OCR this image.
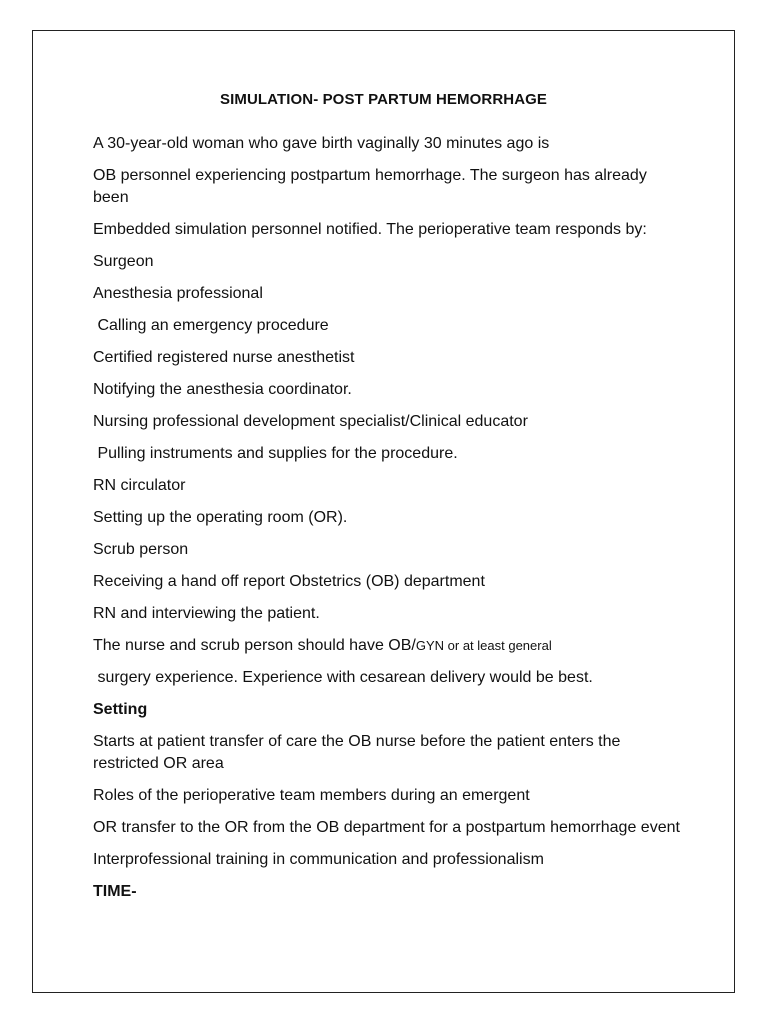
SIMULATION- POST PARTUM HEMORRHAGE

A 30-year-old woman who gave birth vaginally 30 minutes ago is

OB personnel experiencing postpartum hemorrhage. The surgeon has already been

Embedded simulation personnel notified. The perioperative team responds by:

Surgeon

Anesthesia professional

Calling an emergency procedure

Certified registered nurse anesthetist

Notifying the anesthesia coordinator.

Nursing professional development specialist/Clinical educator

Pulling instruments and supplies for the procedure.

RN circulator

Setting up the operating room (OR).

Scrub person

Receiving a hand off report Obstetrics (OB) department

RN and interviewing the patient.

The nurse and scrub person should have OB/GYN or at least general

surgery experience. Experience with cesarean delivery would be best.

Setting

Starts at patient transfer of care the OB nurse before the patient enters the restricted OR area

Roles of the perioperative team members during an emergent

OR transfer to the OR from the OB department for a postpartum hemorrhage event

Interprofessional training in communication and professionalism

TIME-
